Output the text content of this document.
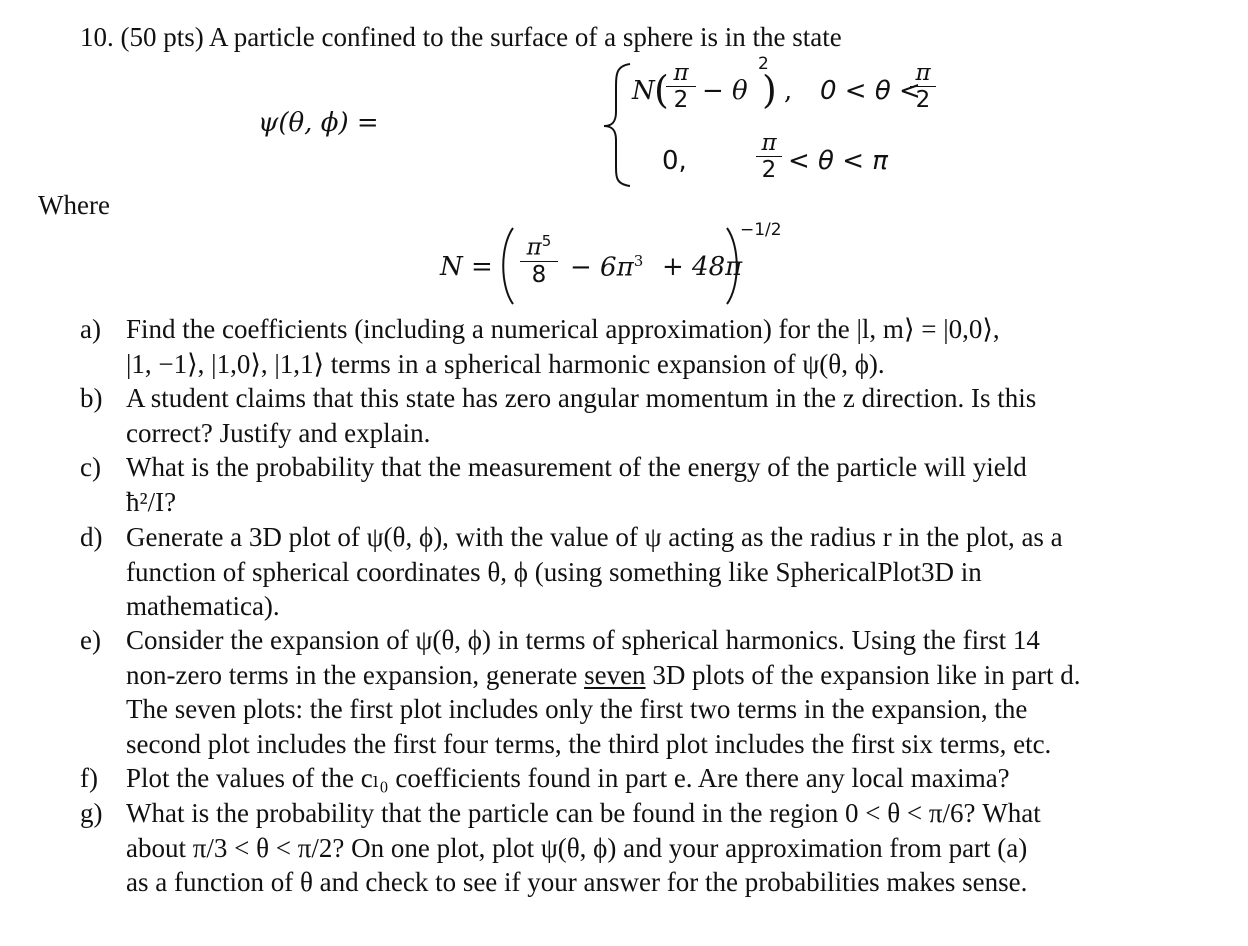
10. (50 pts) A particle confined to the surface of a sphere is in the state
ψ(θ, ϕ) =
N (
$\frac{\pi}{2} - \theta$ )
2
, 0 < θ <
$\frac{\pi}{2}$
0,	$\frac{\pi}{2} < \theta < \pi$
Where
$N = \frac{\pi^5}{8} - 6\pi^3 + 48\pi$
−1/2
a) Find the coefficients (including a numerical approximation) for the |l, m⟩ = |0,0⟩,
|1, −1⟩, |1,0⟩, |1,1⟩ terms in a spherical harmonic expansion of ψ(θ, ϕ).
b) A student claims that this state has zero angular momentum in the z direction. Is this
correct? Justify and explain.
c) What is the probability that the measurement of the energy of the particle will yield
ħ²/I?
d) Generate a 3D plot of ψ(θ, ϕ), with the value of ψ acting as the radius r in the plot, as a
function of spherical coordinates θ, ϕ (using something like SphericalPlot3D in
mathematica).
e) Consider the expansion of ψ(θ, ϕ) in terms of spherical harmonics. Using the first 14
non-zero terms in the expansion, generate seven 3D plots of the expansion like in part d.
The seven plots: the first plot includes only the first two terms in the expansion, the
second plot includes the first four terms, the third plot includes the first six terms, etc.
f) Plot the values of the cₗ₀ coefficients found in part e. Are there any local maxima?
g) What is the probability that the particle can be found in the region 0 < θ < π/6? What
about π/3 < θ < π/2? On one plot, plot ψ(θ, ϕ) and your approximation from part (a)
as a function of θ and check to see if your answer for the probabilities makes sense.
